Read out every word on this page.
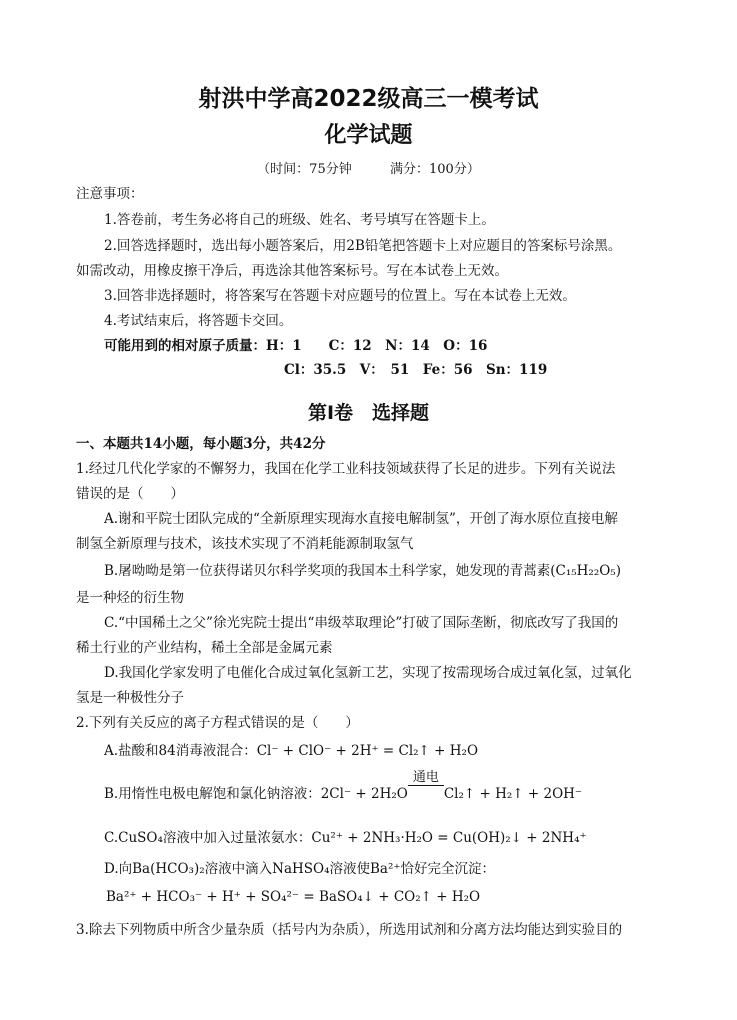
射洪中学高2022级高三一模考试
化学试题
（时间：75分钟	满分：100分）
注意事项：
1.答卷前，考生务必将自己的班级、姓名、考号填写在答题卡上。
2.回答选择题时，选出每小题答案后，用2B铅笔把答题卡上对应题目的答案标号涂黑。
如需改动，用橡皮擦干净后，再选涂其他答案标号。写在本试卷上无效。
3.回答非选择题时，将答案写在答题卡对应题号的位置上。写在本试卷上无效。
4.考试结束后，将答题卡交回。
可能用到的相对原子质量：H：1　　C：12　N：14　O：16
Cl：35.5　V：　51　Fe：56　Sn：119
第Ⅰ卷　选择题
一、本题共14小题，每小题3分，共42分
1.经过几代化学家的不懈努力，我国在化学工业科技领域获得了长足的进步。下列有关说法
错误的是（　　）
A.谢和平院士团队完成的“全新原理实现海水直接电解制氢”，开创了海水原位直接电解
制氢全新原理与技术，该技术实现了不消耗能源制取氢气
B.屠呦呦是第一位获得诺贝尔科学奖项的我国本土科学家，她发现的青蒿素(C₁₅H₂₂O₅)
是一种烃的衍生物
C.“中国稀土之父”徐光宪院士提出“串级萃取理论”打破了国际垄断，彻底改写了我国的
稀土行业的产业结构，稀土全部是金属元素
D.我国化学家发明了电催化合成过氧化氢新工艺，实现了按需现场合成过氧化氢，过氧化
氢是一种极性分子
2.下列有关反应的离子方程式错误的是（　　）
A.盐酸和84消毒液混合：Cl⁻ + ClO⁻ + 2H⁺ = Cl₂↑ + H₂O
B.用惰性电极电解饱和氯化钠溶液：2Cl⁻ + 2H₂O
通电
Cl₂↑ + H₂↑ + 2OH⁻
C.CuSO₄溶液中加入过量浓氨水：Cu²⁺ + 2NH₃·H₂O = Cu(OH)₂↓ + 2NH₄⁺
D.向Ba(HCO₃)₂溶液中滴入NaHSO₄溶液使Ba²⁺恰好完全沉淀：
Ba²⁺ + HCO₃⁻ + H⁺ + SO₄²⁻ = BaSO₄↓ + CO₂↑ + H₂O
3.除去下列物质中所含少量杂质（括号内为杂质），所选用试剂和分离方法均能达到实验目的
